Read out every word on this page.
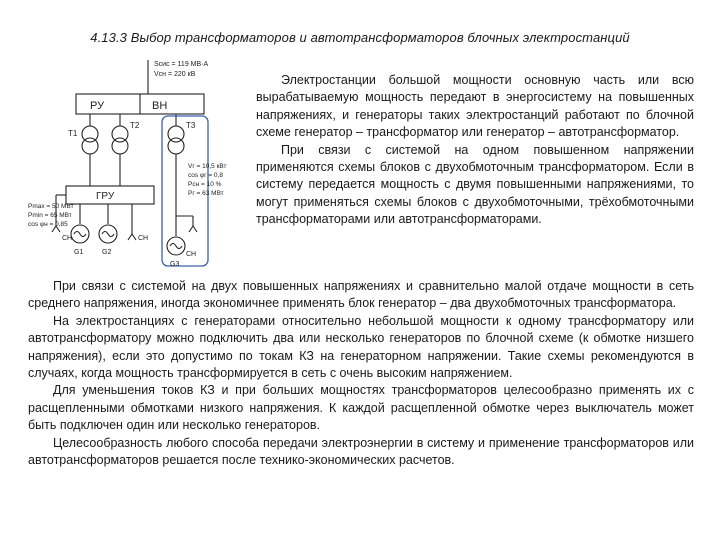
4.13.3 Выбор трансформаторов и автотрансформаторов блочных электростанций
Sсис = 119 МВ·А
Vсн = 220 кВ
РУ	ВН
Т1
Т2	Т3
ГРУ
Vг = 10,5 кВт
cos φг = 0,8
Pсн = 10 %
Pг = 63 МВт
Pmax = 50 МВт
Pmin = 65 МВт
cos φн = 0,85
G1	G2
G3
СН	СН
СН

Электростанции большой мощности основную часть или всю вырабатываемую мощность передают в энергосистему на повышенных напряжениях, и генераторы таких электростанций работают по блочной схеме генератор – трансформатор или генератор – автотрансформатор.

При связи с системой на одном повышенном напряжении применяются схемы блоков с двухобмоточным трансформатором. Если в систему передается мощность с двумя повышенными напряжениями, то могут применяться схемы блоков с двухобмоточными, трёхобмоточными трансформаторами или автотрансформаторами.

При связи с системой на двух повышенных напряжениях и сравнительно малой отдаче мощности в сеть среднего напряжения, иногда экономичнее применять блок генератор – два двухобмоточных трансформатора.

На электростанциях с генераторами относительно небольшой мощности к одному трансформатору или автотрансформатору можно подключить два или несколько генераторов по блочной схеме (к обмотке низшего напряжения), если это допустимо по токам КЗ на генераторном напряжении. Такие схемы рекомендуются в случаях, когда мощность трансформируется в сеть с очень высоким напряжением.

Для уменьшения токов КЗ и при больших мощностях трансформаторов целесообразно применять их с расщепленными обмотками низкого напряжения. К каждой расщепленной обмотке через выключатель может быть подключен один или несколько генераторов.

Целесообразность любого способа передачи электроэнергии в систему и применение трансформаторов или автотрансформаторов решается после технико-экономических расчетов.
